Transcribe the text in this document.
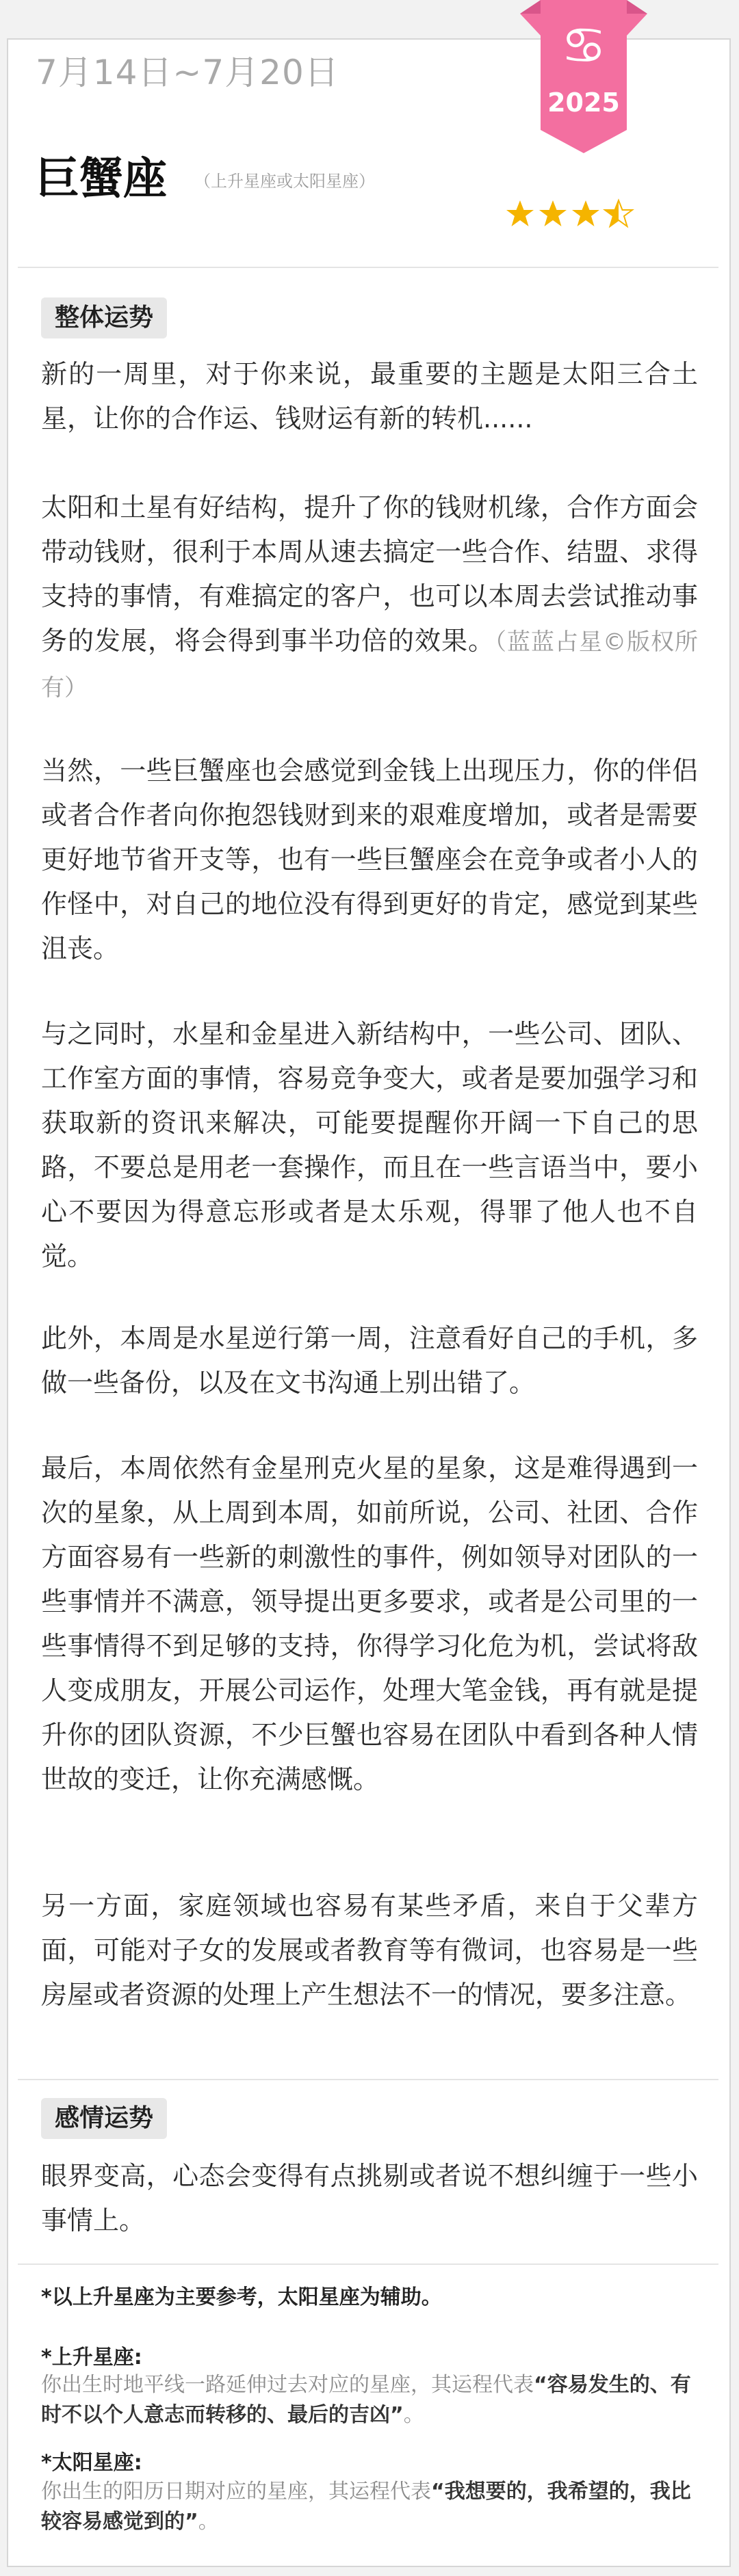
♋
2025
7月14日~7月20日
巨蟹座 （上升星座或太阳星座）
整体运势

新的一周里，对于你来说，最重要的主题是太阳三合土星，让你的合作运、钱财运有新的转机......

太阳和土星有好结构，提升了你的钱财机缘，合作方面会带动钱财，很利于本周从速去搞定一些合作、结盟、求得支持的事情，有难搞定的客户，也可以本周去尝试推动事务的发展，将会得到事半功倍的效果。（蓝蓝占星©版权所有）

当然，一些巨蟹座也会感觉到金钱上出现压力，你的伴侣或者合作者向你抱怨钱财到来的艰难度增加，或者是需要更好地节省开支等，也有一些巨蟹座会在竞争或者小人的作怪中，对自己的地位没有得到更好的肯定，感觉到某些沮丧。

与之同时，水星和金星进入新结构中，一些公司、团队、工作室方面的事情，容易竞争变大，或者是要加强学习和获取新的资讯来解决，可能要提醒你开阔一下自己的思路，不要总是用老一套操作，而且在一些言语当中，要小心不要因为得意忘形或者是太乐观，得罪了他人也不自觉。

此外，本周是水星逆行第一周，注意看好自己的手机，多做一些备份，以及在文书沟通上别出错了。

最后，本周依然有金星刑克火星的星象，这是难得遇到一次的星象，从上周到本周，如前所说，公司、社团、合作方面容易有一些新的刺激性的事件，例如领导对团队的一些事情并不满意，领导提出更多要求，或者是公司里的一些事情得不到足够的支持，你得学习化危为机，尝试将敌人变成朋友，开展公司运作，处理大笔金钱，再有就是提升你的团队资源，不少巨蟹也容易在团队中看到各种人情世故的变迁，让你充满感慨。

另一方面，家庭领域也容易有某些矛盾，来自于父辈方面，可能对子女的发展或者教育等有微词，也容易是一些房屋或者资源的处理上产生想法不一的情况，要多注意。

感情运势

眼界变高，心态会变得有点挑剔或者说不想纠缠于一些小事情上。

*以上升星座为主要参考，太阳星座为辅助。
*上升星座:
你出生时地平线一路延伸过去对应的星座，其运程代表“容易发生的、有时不以个人意志而转移的、最后的吉凶”。
*太阳星座:
你出生的阳历日期对应的星座，其运程代表“我想要的，我希望的，我比较容易感觉到的”。
